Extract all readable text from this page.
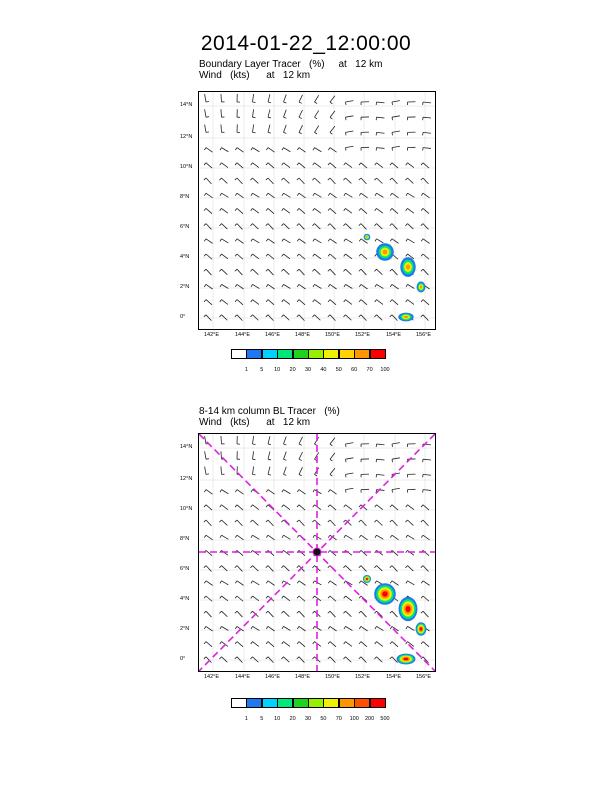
2014-01-22_12:00:00
Boundary Layer Tracer   (%)     at   12 km
Wind   (kts)      at   12 km
142°E	144°E	146°E	148°E	150°E	152°E	154°E	156°E
14°N
12°N
10°N
8°N
6°N
4°N
2°N
0°
1	5	10	20	30	40	50	60	70	100
8-14 km column BL Tracer   (%)
Wind   (kts)      at   12 km
142°E	144°E	146°E	148°E	150°E	152°E	154°E	156°E
14°N
12°N
10°N
8°N
6°N
4°N
2°N
0°
1	5	10	20	30	50	70	100	200	500
